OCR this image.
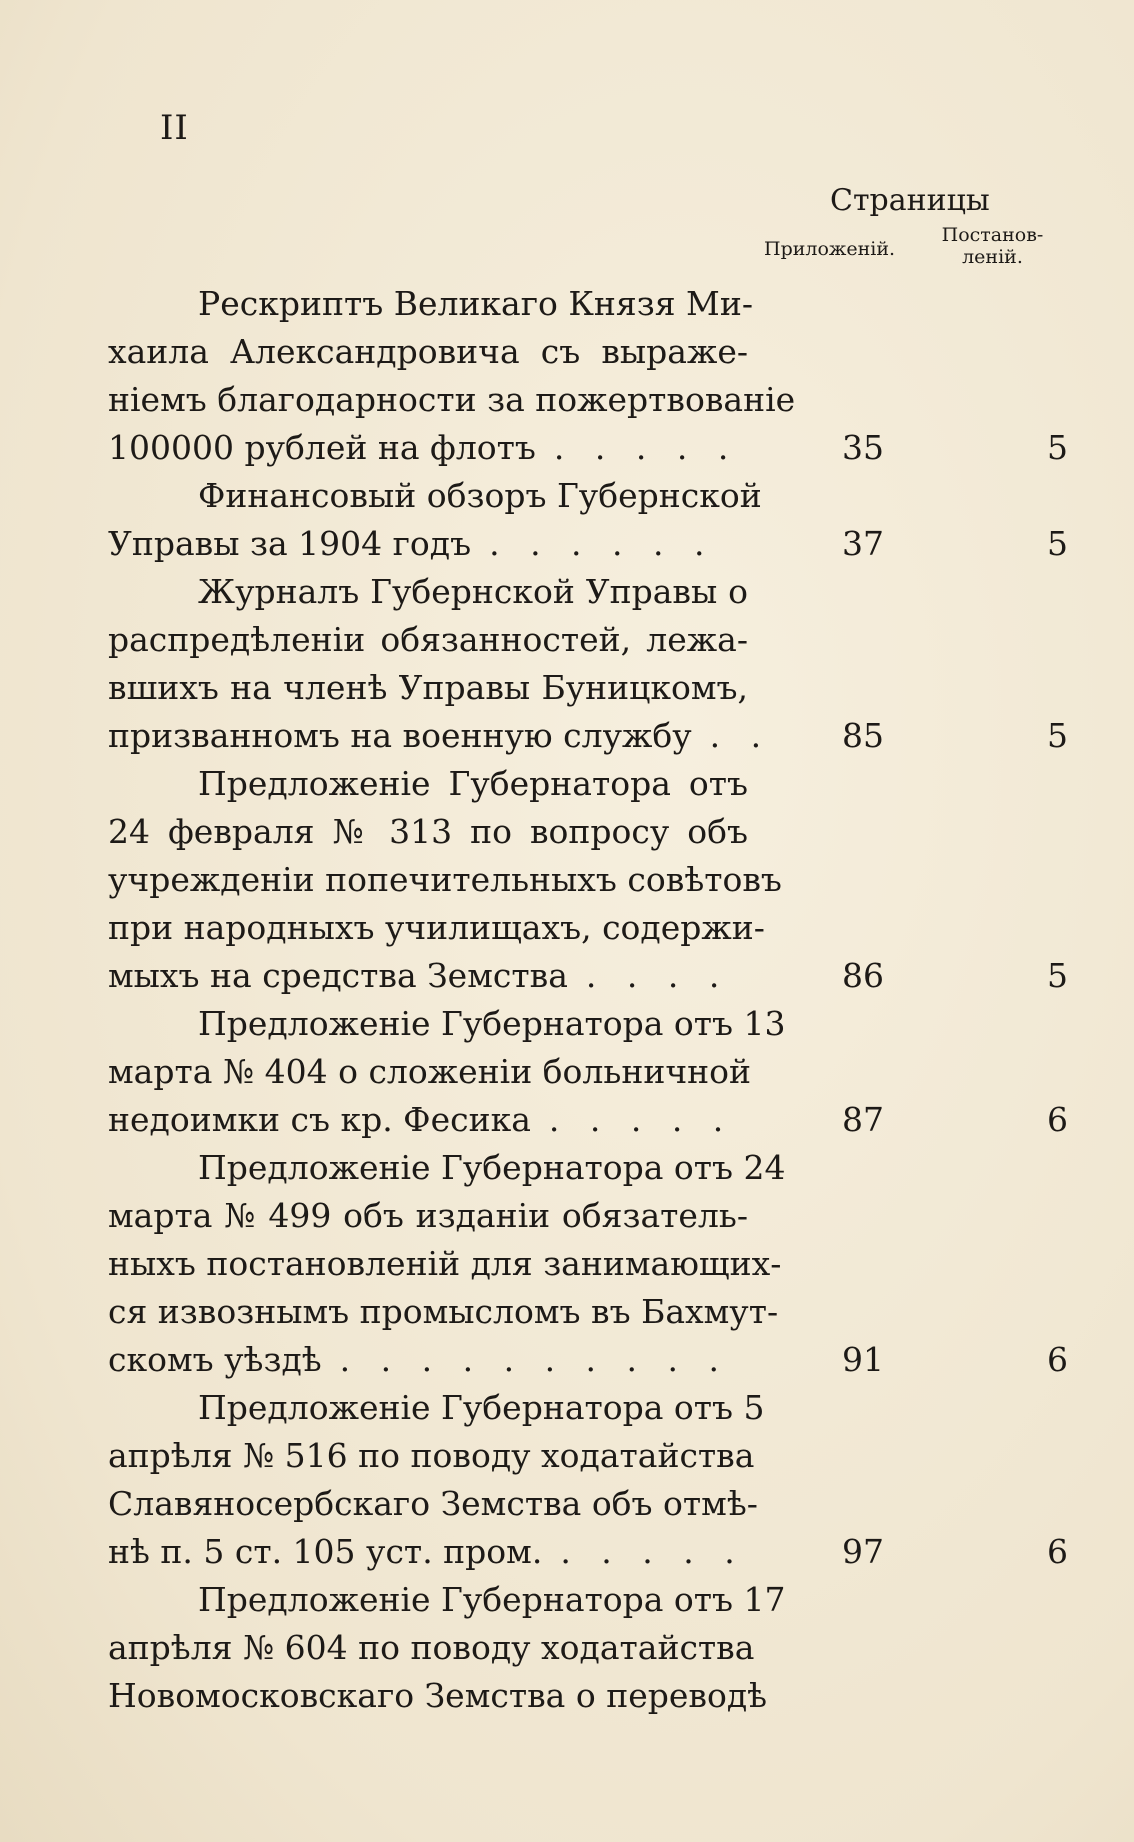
II
Страницы
Приложеній.
Постанов-
леній.
Рескриптъ Великаго Князя Ми-
хаила Александровича съ выраже-
ніемъ благодарности за пожертвованіе
100000 рублей на флотъ . . . . .	35	5
Финансовый обзоръ Губернской
Управы за 1904 годъ . . . . . .	37	5
Журналъ Губернской Управы о
распредѣленіи обязанностей, лежа-
вшихъ на членѣ Управы Буницкомъ,
призванномъ на военную службу . .	85	5
Предложеніе Губернатора отъ
24 февраля № 313 по вопросу объ
учрежденіи попечительныхъ совѣтовъ
при народныхъ училищахъ, содержи-
мыхъ на средства Земства . . . .	86	5
Предложеніе Губернатора отъ 13
марта № 404 о сложеніи больничной
недоимки съ кр. Фесика . . . . .	87	6
Предложеніе Губернатора отъ 24
марта № 499 объ изданіи обязатель-
ныхъ постановленій для занимающих-
ся извознымъ промысломъ въ Бахмут-
скомъ уѣздѣ . . . . . . . . . .	91	6
Предложеніе Губернатора отъ 5
апрѣля № 516 по поводу ходатайства
Славяносербскаго Земства объ отмѣ-
нѣ п. 5 ст. 105 уст. пром. . . . . .	97	6
Предложеніе Губернатора отъ 17
апрѣля № 604 по поводу ходатайства
Новомосковскаго Земства о переводѣ
